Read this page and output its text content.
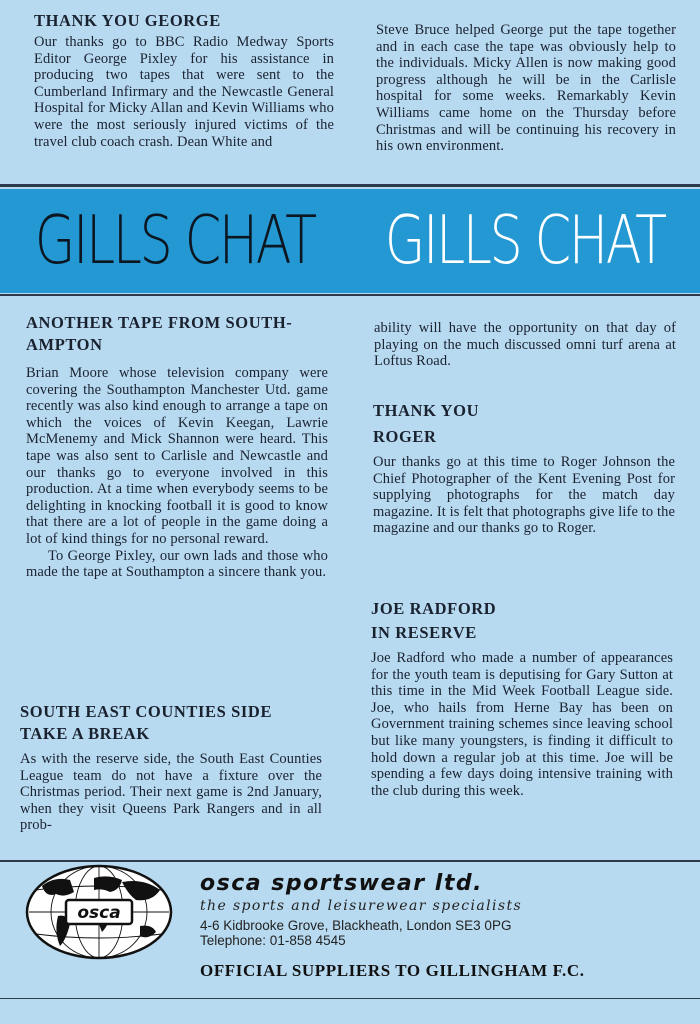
THANK YOU GEORGE

Our thanks go to BBC Radio Medway Sports Editor George Pixley for his assistance in producing two tapes that were sent to the Cumberland Infirmary and the Newcastle General Hospital for Micky Allan and Kevin Williams who were the most seriously injured victims of the travel club coach crash. Dean White and

Steve Bruce helped George put the tape together and in each case the tape was obviously help to the individuals. Micky Allen is now making good progress although he will be in the Carlisle hospital for some weeks. Remarkably Kevin Williams came home on the Thursday before Christmas and will be continuing his recovery in his own environment.

GILLS CHAT GILLS CHAT
ANOTHER TAPE FROM SOUTH-
AMPTON

Brian Moore whose television company were covering the Southampton Manchester Utd. game recently was also kind enough to arrange a tape on which the voices of Kevin Keegan, Lawrie McMenemy and Mick Shannon were heard. This tape was also sent to Carlisle and Newcastle and our thanks go to everyone involved in this production. At a time when everybody seems to be delighting in knocking football it is good to know that there are a lot of people in the game doing a lot of kind things for no personal reward.

To George Pixley, our own lads and those who made the tape at Southampton a sincere thank you.

SOUTH EAST COUNTIES SIDE
TAKE A BREAK

As with the reserve side, the South East Counties League team do not have a fixture over the Christmas period. Their next game is 2nd January, when they visit Queens Park Rangers and in all prob-

ability will have the opportunity on that day of playing on the much discussed omni turf arena at Loftus Road.

THANK YOU
ROGER

Our thanks go at this time to Roger Johnson the Chief Photographer of the Kent Evening Post for supplying photographs for the match day magazine. It is felt that photographs give life to the magazine and our thanks go to Roger.

JOE RADFORD
IN RESERVE

Joe Radford who made a number of appearances for the youth team is deputising for Gary Sutton at this time in the Mid Week Football League side. Joe, who hails from Herne Bay has been on Government training schemes since leaving school but like many youngsters, is finding it difficult to hold down a regular job at this time. Joe will be spending a few days doing intensive training with the club during this week.

osca

osca sportswear ltd.

the sports and leisurewear specialists

4-6 Kidbrooke Grove, Blackheath, London SE3 0PG

Telephone: 01-858 4545

OFFICIAL SUPPLIERS TO GILLINGHAM F.C.
